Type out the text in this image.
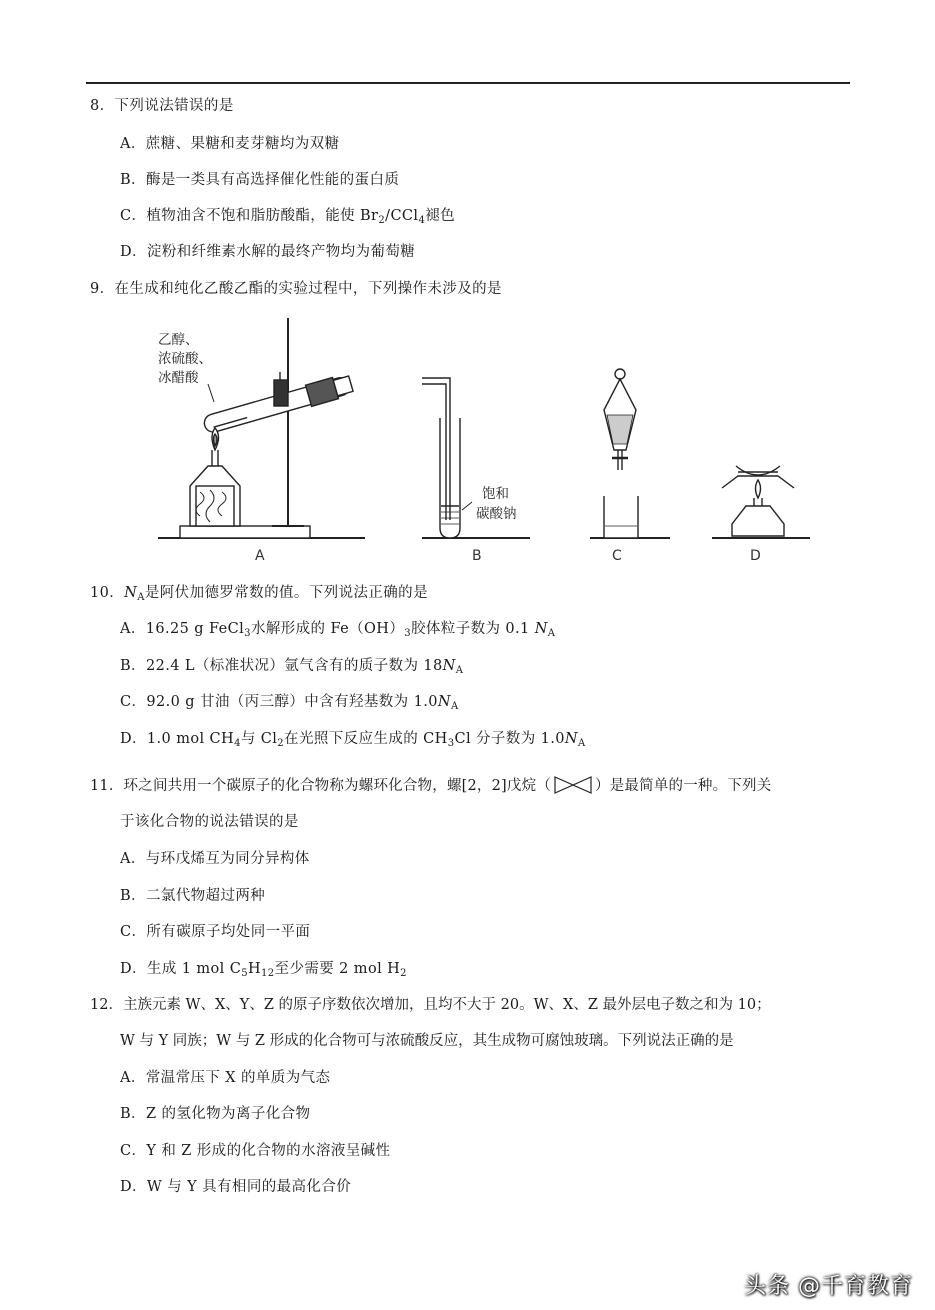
8．下列说法错误的是
A．蔗糖、果糖和麦芽糖均为双糖
B．酶是一类具有高选择催化性能的蛋白质
C．植物油含不饱和脂肪酸酯，能使 $Br_2/CCl_4$褪色
D．淀粉和纤维素水解的最终产物均为葡萄糖
9．在生成和纯化乙酸乙酯的实验过程中，下列操作未涉及的是
乙醇、
浓硫酸、
冰醋酸
A
饱和
碳酸钠
B	C	D
10．$N_A$是阿伏加德罗常数的值。下列说法正确的是
A．16.25 g FeCl$_3$水解形成的 $Fe(OH)_3$胶体粒子数为 0.1 $N_A$
B．22.4 L（标准状况）氩气含有的质子数为 $18N_A$
C．92.0 g 甘油（丙三醇）中含有羟基数为 $1.0N_A$
D．1.0 mol $CH_4$与 $Cl_2$在光照下反应生成的 $CH_3Cl$ 分子数为 $1.0N_A$
11．环之间共用一个碳原子的化合物称为螺环化合物，螺[2，2]戊烷（	）是最简单的一种。下列关
于该化合物的说法错误的是
A．与环戊烯互为同分异构体
B．二氯代物超过两种
C．所有碳原子均处同一平面
D．生成 1 mol $C_5H_{12}$至少需要 2 mol $H_2$
12．主族元素 W、X、Y、Z 的原子序数依次增加，且均不大于 20。W、X、Z 最外层电子数之和为 10；
W 与 Y 同族；W 与 Z 形成的化合物可与浓硫酸反应，其生成物可腐蚀玻璃。下列说法正确的是
A．常温常压下 X 的单质为气态
B．Z 的氢化物为离子化合物
C．Y 和 Z 形成的化合物的水溶液呈碱性
D．W 与 Y 具有相同的最高化合价
头条 @千育教育
